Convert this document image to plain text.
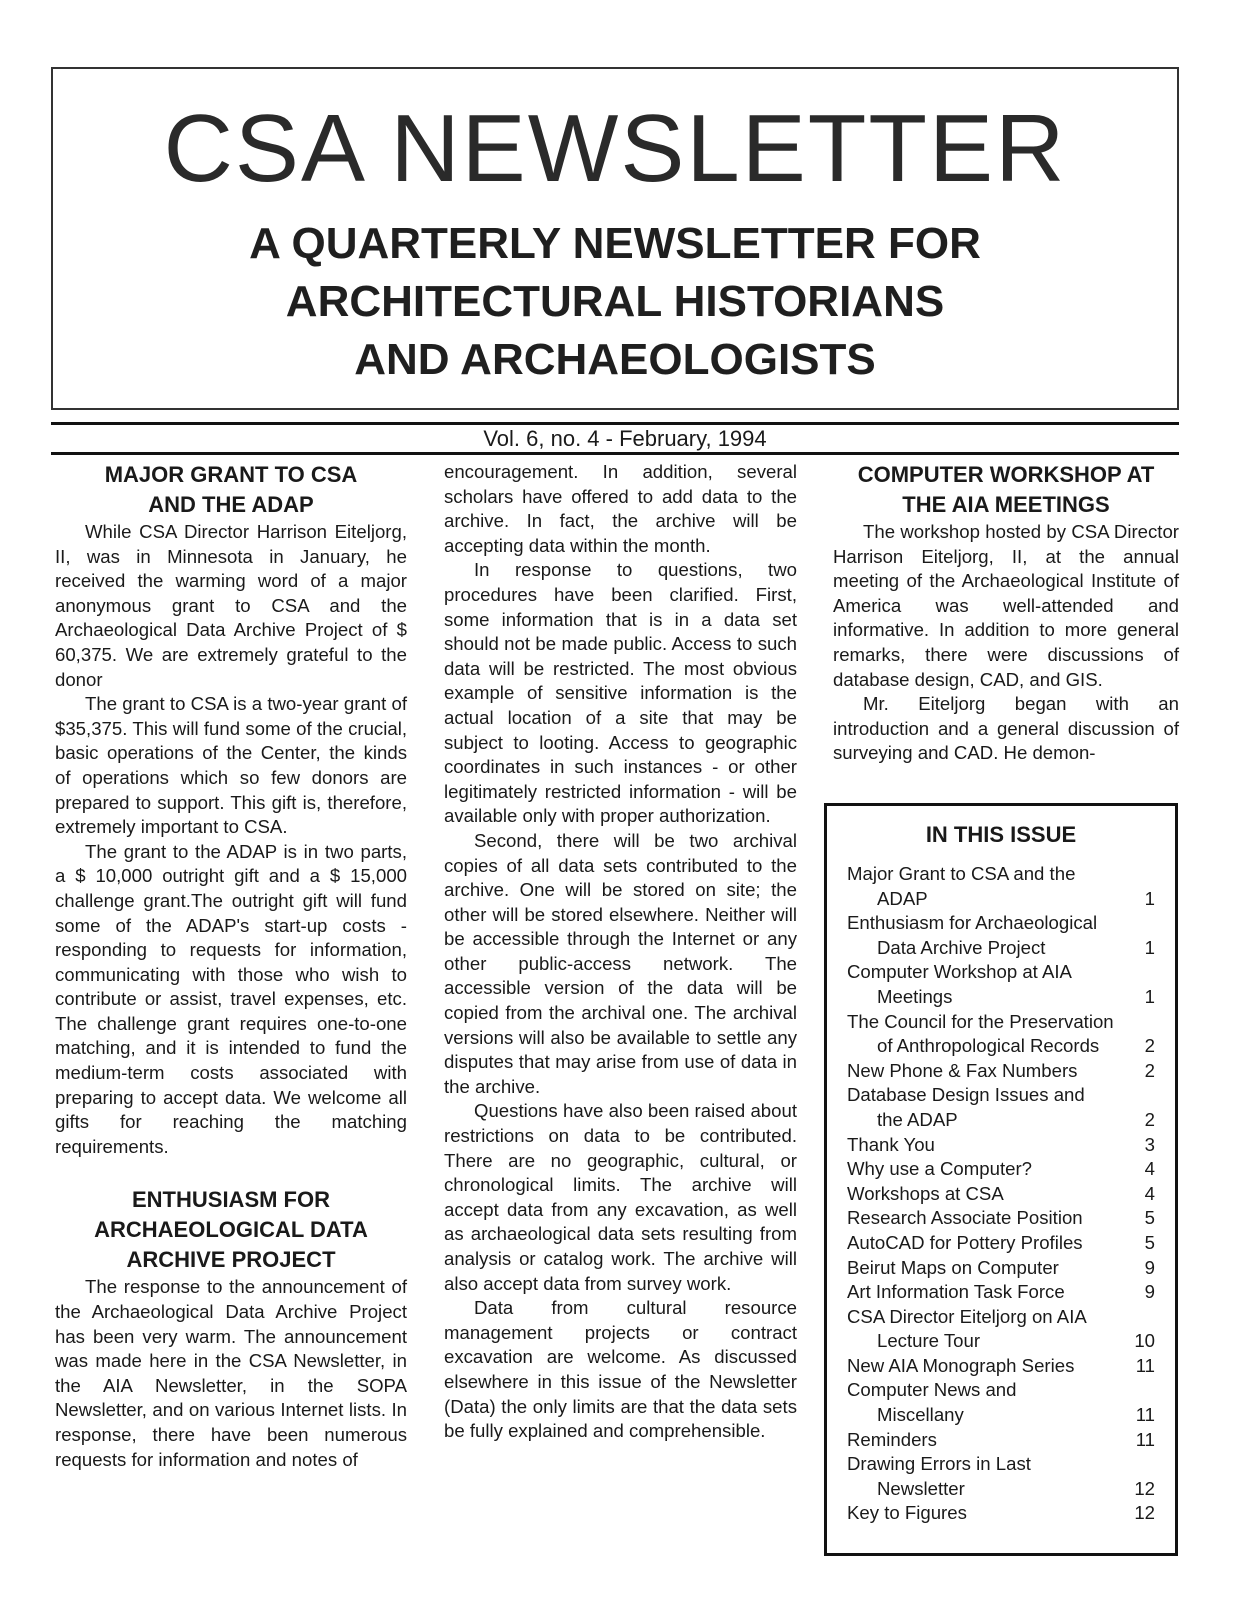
CSA NEWSLETTER
A QUARTERLY NEWSLETTER FOR
ARCHITECTURAL HISTORIANS
AND ARCHAEOLOGISTS
Vol. 6, no. 4 - February, 1994
MAJOR GRANT TO CSA
AND THE ADAP

While CSA Director Harrison Eiteljorg, II, was in Minnesota in January, he received the warming word of a major anonymous grant to CSA and the Archaeological Data Archive Project of $ 60,375. We are extremely grateful to the donor

The grant to CSA is a two-year grant of $35,375. This will fund some of the crucial, basic operations of the Center, the kinds of operations which so few donors are prepared to support. This gift is, therefore, extremely important to CSA.

The grant to the ADAP is in two parts, a $ 10,000 outright gift and a $ 15,000 challenge grant.The outright gift will fund some of the ADAP's start-up costs - responding to requests for information, communicating with those who wish to contribute or assist, travel expenses, etc. The challenge grant requires one-to-one matching, and it is intended to fund the medium-term costs associated with preparing to accept data. We welcome all gifts for reaching the matching requirements.

ENTHUSIASM FOR
ARCHAEOLOGICAL DATA
ARCHIVE PROJECT

The response to the announcement of the Archaeological Data Archive Project has been very warm. The announcement was made here in the CSA Newsletter, in the AIA Newsletter, in the SOPA Newsletter, and on various Internet lists. In response, there have been numerous requests for information and notes of

encouragement. In addition, several scholars have offered to add data to the archive. In fact, the archive will be accepting data within the month.

In response to questions, two procedures have been clarified. First, some information that is in a data set should not be made public. Access to such data will be restricted. The most obvious example of sensitive information is the actual location of a site that may be subject to looting. Access to geographic coordinates in such instances - or other legitimately restricted information - will be available only with proper authorization.

Second, there will be two archival copies of all data sets contributed to the archive. One will be stored on site; the other will be stored elsewhere. Neither will be accessible through the Internet or any other public-access network. The accessible version of the data will be copied from the archival one. The archival versions will also be available to settle any disputes that may arise from use of data in the archive.

Questions have also been raised about restrictions on data to be contributed. There are no geographic, cultural, or chronological limits. The archive will accept data from any excavation, as well as archaeological data sets resulting from analysis or catalog work. The archive will also accept data from survey work.

Data from cultural resource management projects or contract excavation are welcome. As discussed elsewhere in this issue of the Newsletter (Data) the only limits are that the data sets be fully explained and comprehensible.

COMPUTER WORKSHOP AT
THE AIA MEETINGS

The workshop hosted by CSA Director Harrison Eiteljorg, II, at the annual meeting of the Archaeological Institute of America was well-attended and informative. In addition to more general remarks, there were discussions of database design, CAD, and GIS.

Mr. Eiteljorg began with an introduction and a general discussion of surveying and CAD. He demon-

IN THIS ISSUE
Major Grant to CSA and the
ADAP	1
Enthusiasm for Archaeological
Data Archive Project	1
Computer Workshop at AIA
Meetings	1
The Council for the Preservation
of Anthropological Records	2
New Phone & Fax Numbers	2
Database Design Issues and
the ADAP	2
Thank You	3
Why use a Computer?	4
Workshops at CSA	4
Research Associate Position	5
AutoCAD for Pottery Profiles	5
Beirut Maps on Computer	9
Art Information Task Force	9
CSA Director Eiteljorg on AIA
Lecture Tour	10
New AIA Monograph Series	11
Computer News and
Miscellany	11
Reminders	11
Drawing Errors in Last
Newsletter	12
Key to Figures	12
